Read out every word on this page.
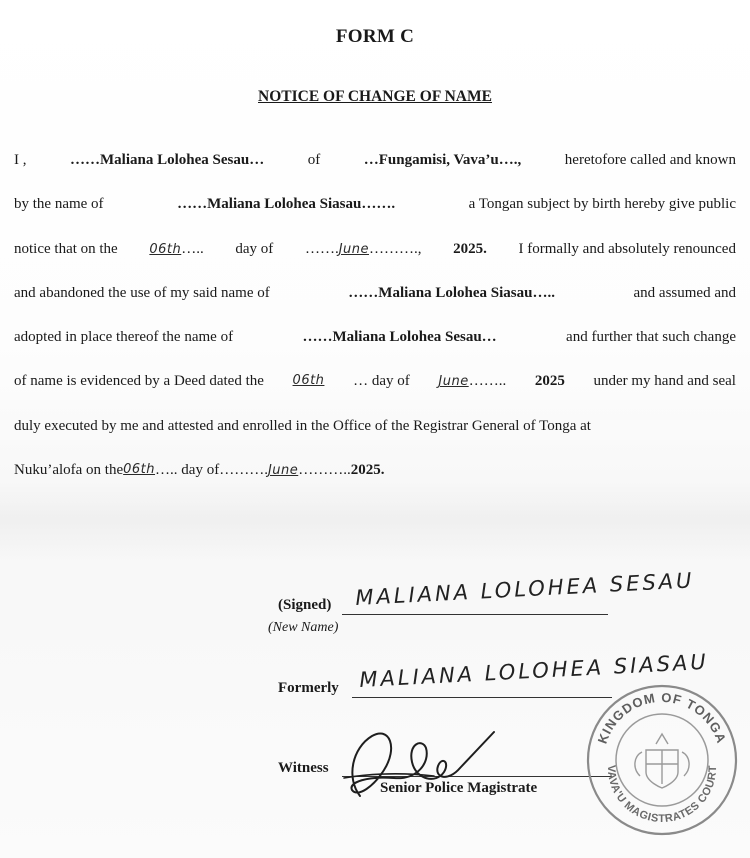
FORM C
NOTICE OF CHANGE OF NAME
I ,	……Maliana Lolohea Sesau…	of	…Fungamisi, Vava’u….,	heretofore called and known
by the name of	……Maliana Lolohea Siasau…….	a Tongan subject by birth hereby give public
notice that on the 06th….. day of …….June………., 2025. I formally and absolutely renounced
and abandoned the use of my said name of	……Maliana Lolohea Siasau…..	and assumed and
adopted in place thereof the name of	……Maliana Lolohea Sesau…	and further that such change
of name is evidenced by a Deed dated the 06th … day of June…….. 2025 under my hand and seal
duly executed by me and attested and enrolled in the Office of the Registrar General of Tonga at
Nuku’alofa on the 06th ….. day of ……….June……….. 2025.
(Signed) MALIANA LOLOHEA SESAU
(New Name)
Formerly MALIANA LOLOHEA SIASAU
Witness
Senior Police Magistrate
KINGDOM OF TONGA
VAVA'U MAGISTRATES COURT
